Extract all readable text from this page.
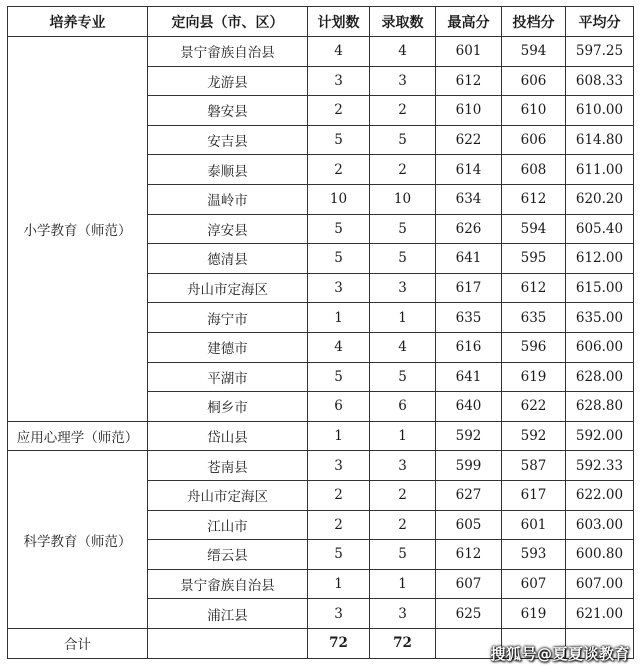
培养专业	定向县（市、区）	计划数	录取数	最高分	投档分	平均分
小学教育（师范）	景宁畲族自治县	4	4	601	594	597.25
	龙游县	3	3	612	606	608.33
	磐安县	2	2	610	610	610.00
	安吉县	5	5	622	606	614.80
	泰顺县	2	2	614	608	611.00
	温岭市	10	10	634	612	620.20
	淳安县	5	5	626	594	605.40
	德清县	5	5	641	595	612.00
	舟山市定海区	3	3	617	612	615.00
	海宁市	1	1	635	635	635.00
	建德市	4	4	616	596	606.00
	平湖市	5	5	641	619	628.00
	桐乡市	6	6	640	622	628.80
应用心理学（师范）	岱山县	1	1	592	592	592.00
科学教育（师范）	苍南县	3	3	599	587	592.33
	舟山市定海区	2	2	627	617	622.00
	江山市	2	2	605	601	603.00
	缙云县	5	5	612	593	600.80
	景宁畲族自治县	1	1	607	607	607.00
	浦江县	3	3	625	619	621.00
合计		72	72			
搜狐号@夏夏谈教育
